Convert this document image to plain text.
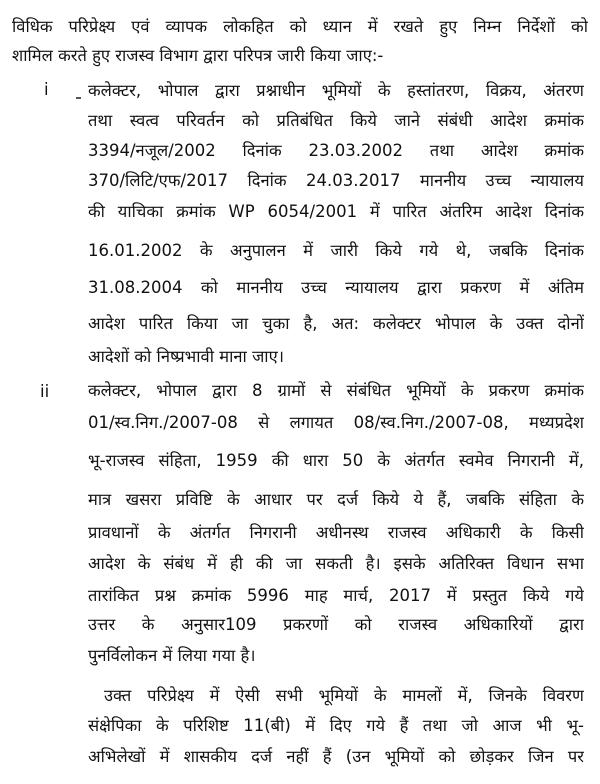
विधिक परिप्रेक्ष्य एवं व्यापक लोकहित को ध्यान में रखते हुए निम्न निर्देशों को
शामिल करते हुए राजस्व विभाग द्वारा परिपत्र जारी किया जाए:-
i कलेक्टर, भोपाल द्वारा प्रश्नाधीन भूमियों के हस्तांतरण, विक्रय, अंतरण
तथा स्वत्व परिवर्तन को प्रतिबंधित किये जाने संबंधी आदेश क्रमांक
3394/नजूल/2002 दिनांक 23.03.2002 तथा आदेश क्रमांक
370/लिटि/एफ/2017 दिनांक 24.03.2017 माननीय उच्च न्यायालय
की याचिका क्रमांक WP 6054/2001 में पारित अंतरिम आदेश दिनांक
16.01.2002 के अनुपालन में जारी किये गये थे, जबकि दिनांक
31.08.2004 को माननीय उच्च न्यायालय द्वारा प्रकरण में अंतिम
आदेश पारित किया जा चुका है, अत: कलेक्टर भोपाल के उक्त दोनों
आदेशों को निष्प्रभावी माना जाए।
ii कलेक्टर, भोपाल द्वारा 8 ग्रामों से संबंधित भूमियों के प्रकरण क्रमांक
01/स्व.निग./2007-08 से लगायत 08/स्व.निग./2007-08, मध्यप्रदेश
भू-राजस्व संहिता, 1959 की धारा 50 के अंतर्गत स्वमेव निगरानी में,
मात्र खसरा प्रविष्टि के आधार पर दर्ज किये ये हैं, जबकि संहिता के
प्रावधानों के अंतर्गत निगरानी अधीनस्थ राजस्व अधिकारी के किसी
आदेश के संबंध में ही की जा सकती है। इसके अतिरिक्त विधान सभा
तारांकित प्रश्न क्रमांक 5996 माह मार्च, 2017 में प्रस्तुत किये गये
उत्तर के अनुसार109 प्रकरणों को राजस्व अधिकारियों द्वारा
पुनर्विलोकन में लिया गया है।
उक्त परिप्रेक्ष्य में ऐसी सभी भूमियों के मामलों में, जिनके विवरण
संक्षेपिका के परिशिष्ट 11(बी) में दिए गये हैं तथा जो आज भी भू-
अभिलेखों में शासकीय दर्ज नहीं हैं (उन भूमियों को छोड़कर जिन पर
